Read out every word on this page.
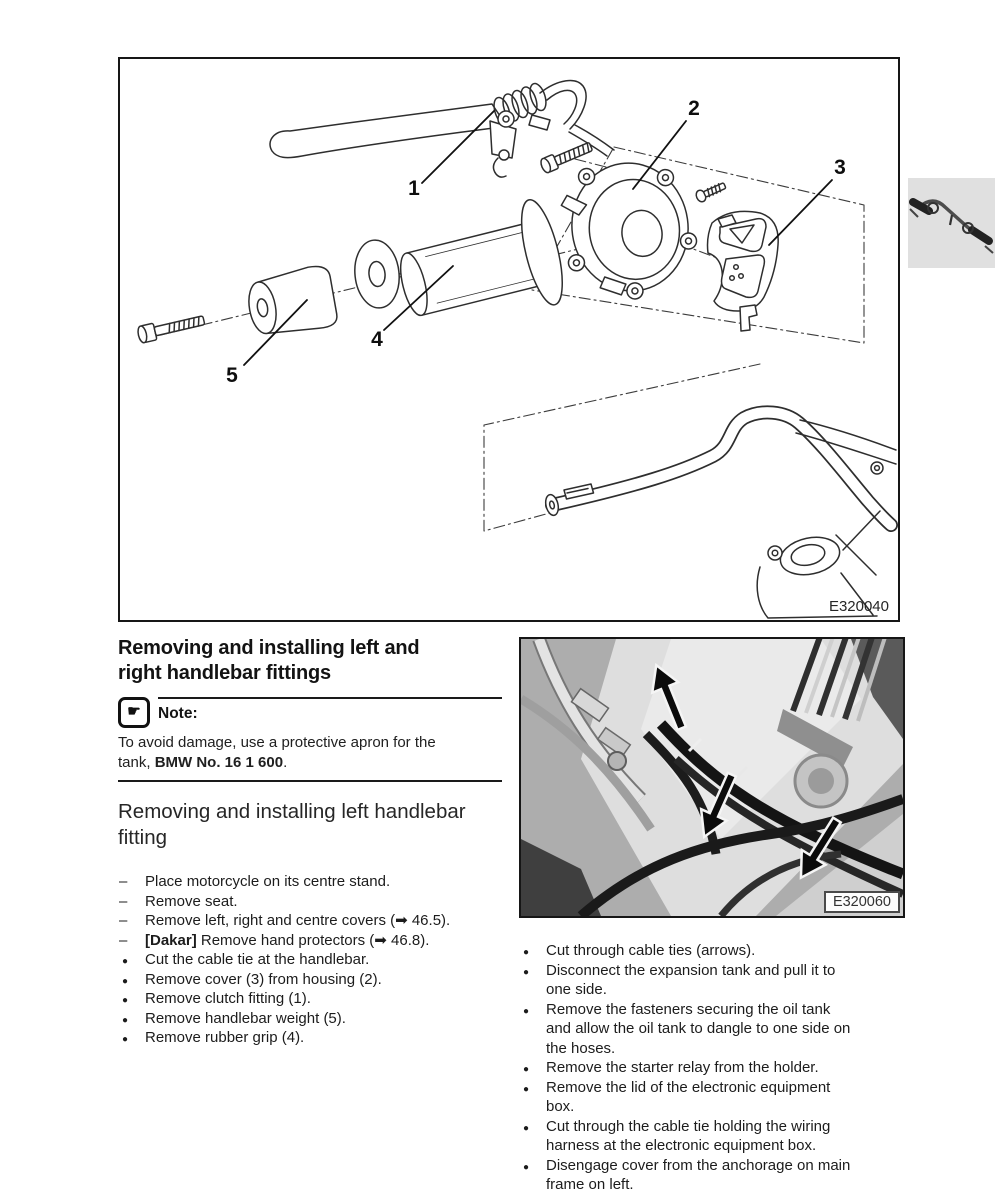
1
2
3
4
5
E320040
Removing and installing left and right handlebar fittings
☛	Note:
To avoid damage, use a protective apron for the tank, BMW No. 16 1 600.
Removing and installing left handlebar fitting
– Place motorcycle on its centre stand.
– Remove seat.
– Remove left, right and centre covers (➡ 46.5).
– [Dakar] Remove hand protectors (➡ 46.8).
● Cut the cable tie at the handlebar.
● Remove cover (3) from housing (2).
● Remove clutch fitting (1).
● Remove handlebar weight (5).
● Remove rubber grip (4).
E320060
● Cut through cable ties (arrows).
● Disconnect the expansion tank and pull it to one side.
● Remove the fasteners securing the oil tank and allow the oil tank to dangle to one side on the hoses.
● Remove the starter relay from the holder.
● Remove the lid of the electronic equipment box.
● Cut through the cable tie holding the wiring harness at the electronic equipment box.
● Disengage cover from the anchorage on main frame on left.
